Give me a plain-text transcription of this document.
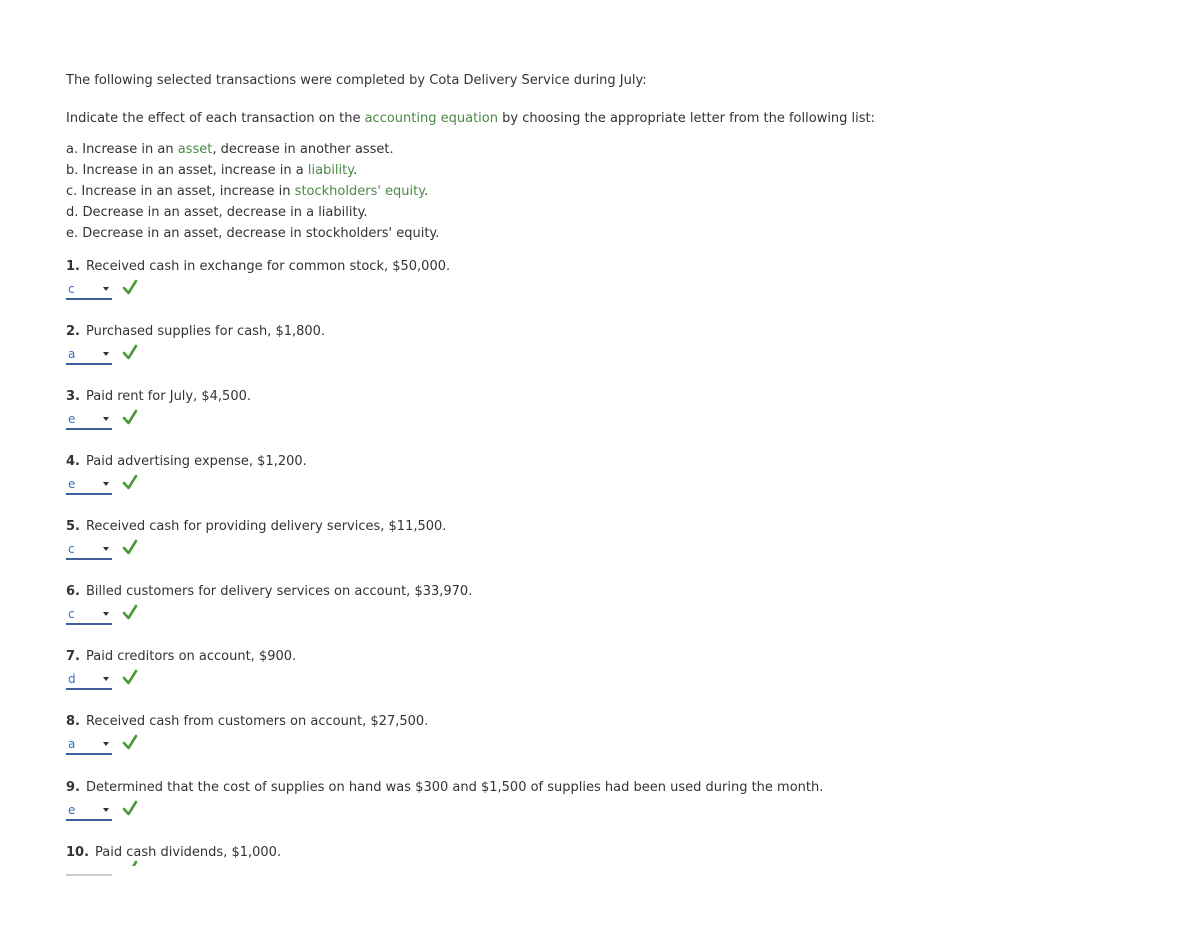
The following selected transactions were completed by Cota Delivery Service during July:
Indicate the effect of each transaction on the accounting equation by choosing the appropriate letter from the following list:
a. Increase in an asset, decrease in another asset.
b. Increase in an asset, increase in a liability.
c. Increase in an asset, increase in stockholders' equity.
d. Decrease in an asset, decrease in a liability.
e. Decrease in an asset, decrease in stockholders' equity.
1. Received cash in exchange for common stock, $50,000.
c
2. Purchased supplies for cash, $1,800.
a
3. Paid rent for July, $4,500.
e
4. Paid advertising expense, $1,200.
e
5. Received cash for providing delivery services, $11,500.
c
6. Billed customers for delivery services on account, $33,970.
c
7. Paid creditors on account, $900.
d
8. Received cash from customers on account, $27,500.
a
9. Determined that the cost of supplies on hand was $300 and $1,500 of supplies had been used during the month.
e
10. Paid cash dividends, $1,000.
